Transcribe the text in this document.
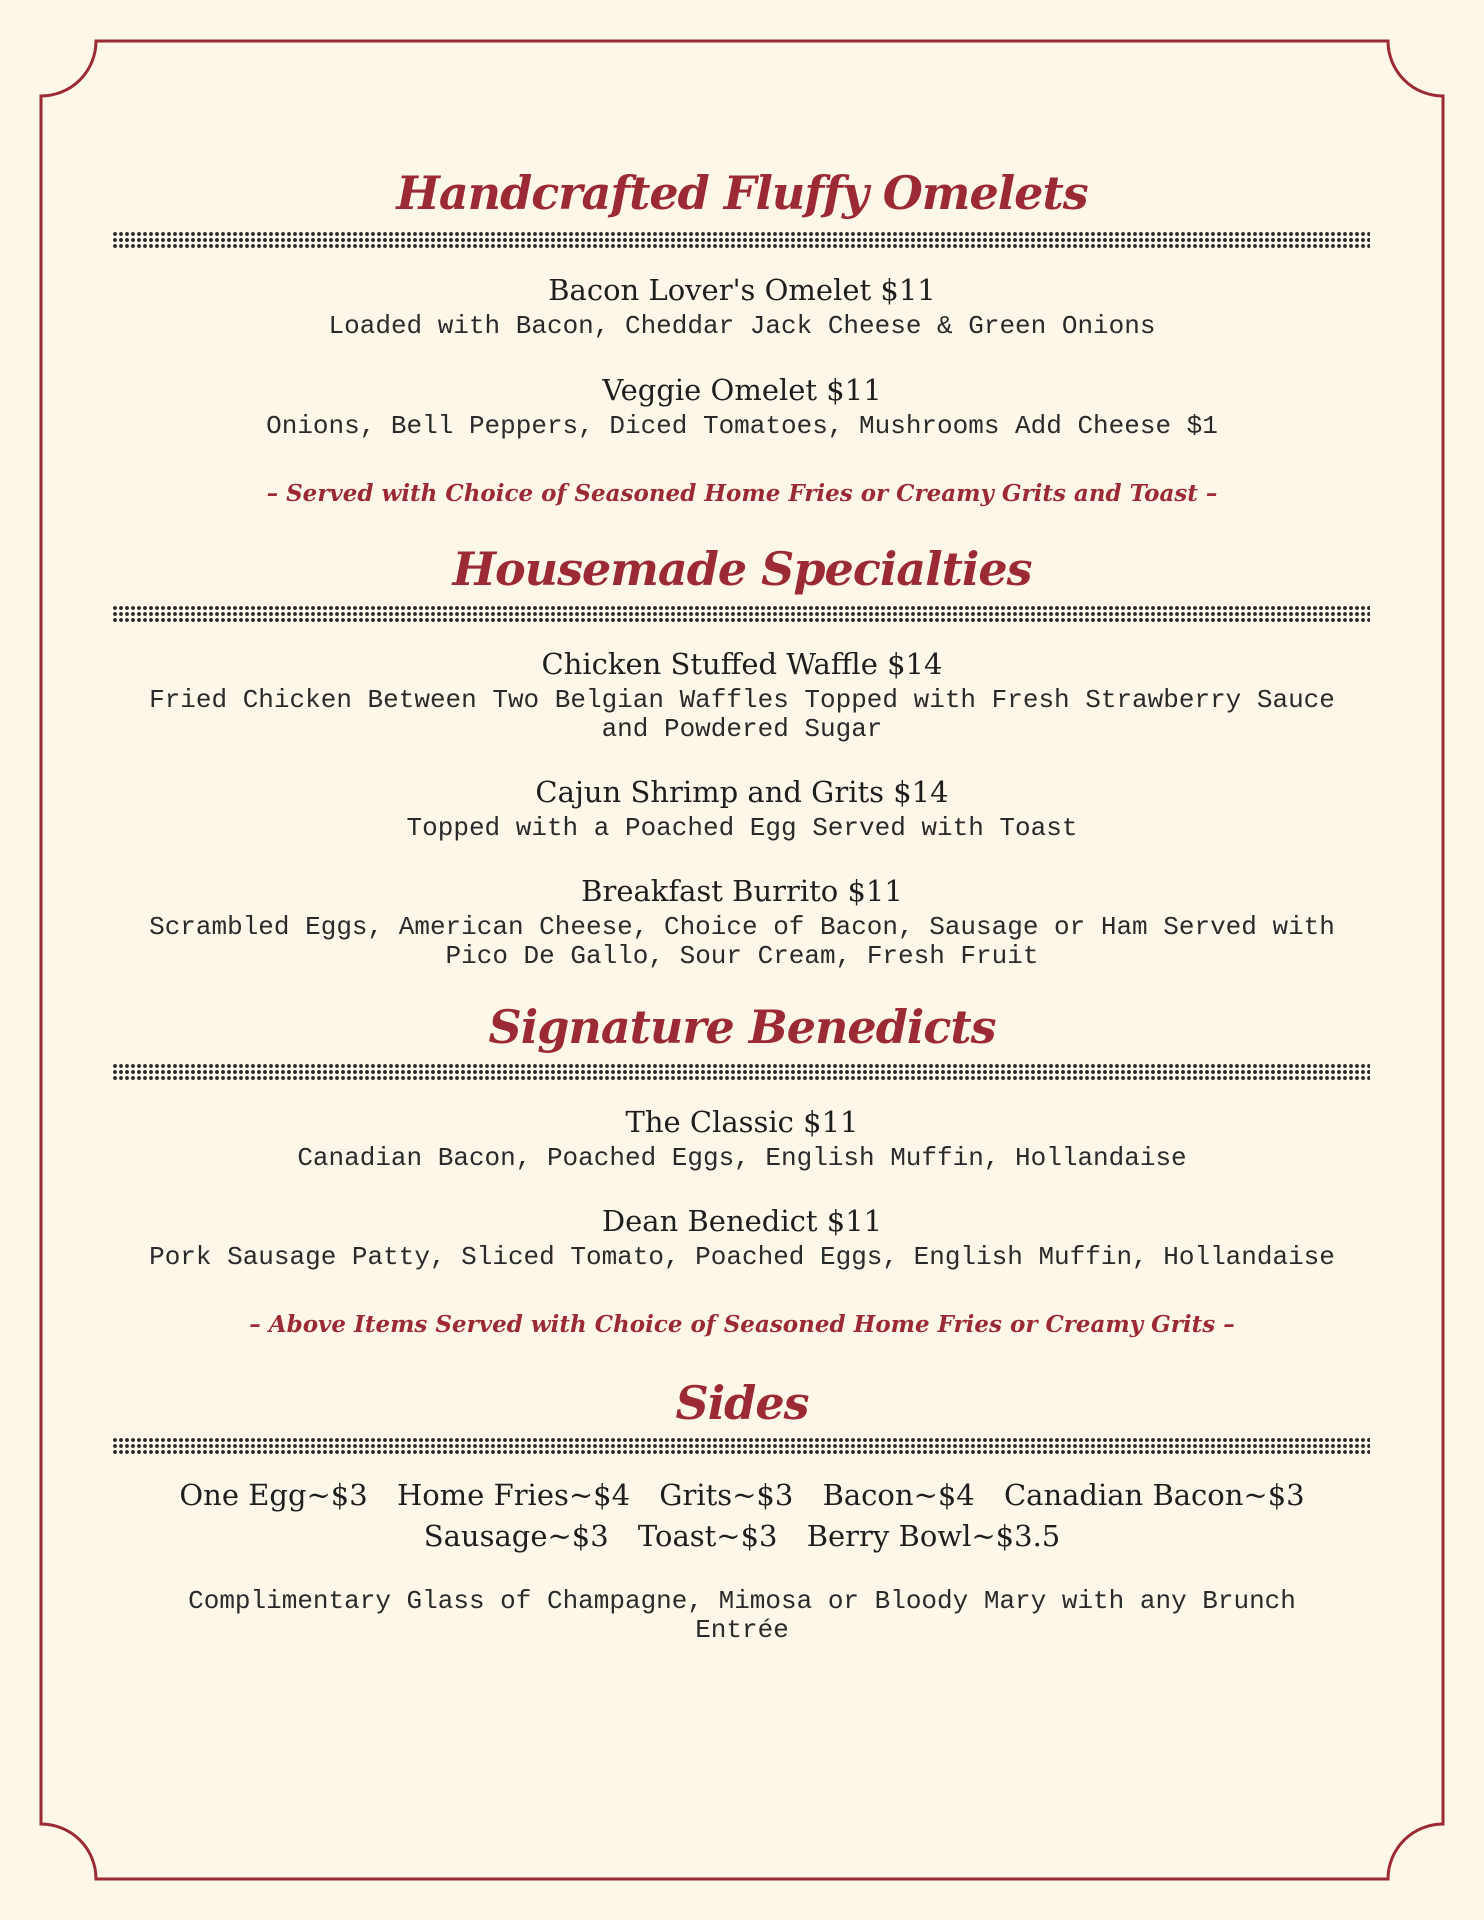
Handcrafted Fluffy Omelets
Bacon Lover's Omelet $11
Loaded with Bacon, Cheddar Jack Cheese & Green Onions
Veggie Omelet $11
Onions, Bell Peppers, Diced Tomatoes, Mushrooms Add Cheese $1
– Served with Choice of Seasoned Home Fries or Creamy Grits and Toast –
Housemade Specialties
Chicken Stuffed Waffle $14
Fried Chicken Between Two Belgian Waffles Topped with Fresh Strawberry Sauce
and Powdered Sugar
Cajun Shrimp and Grits $14
Topped with a Poached Egg Served with Toast
Breakfast Burrito $11
Scrambled Eggs, American Cheese, Choice of Bacon, Sausage or Ham Served with
Pico De Gallo, Sour Cream, Fresh Fruit
Signature Benedicts
The Classic $11
Canadian Bacon, Poached Eggs, English Muffin, Hollandaise
Dean Benedict $11
Pork Sausage Patty, Sliced Tomato, Poached Eggs, English Muffin, Hollandaise
– Above Items Served with Choice of Seasoned Home Fries or Creamy Grits –
Sides
One Egg~$3 Home Fries~$4 Grits~$3 Bacon~$4 Canadian Bacon~$3
Sausage~$3 Toast~$3 Berry Bowl~$3.5
Complimentary Glass of Champagne, Mimosa or Bloody Mary with any Brunch
Entrée
